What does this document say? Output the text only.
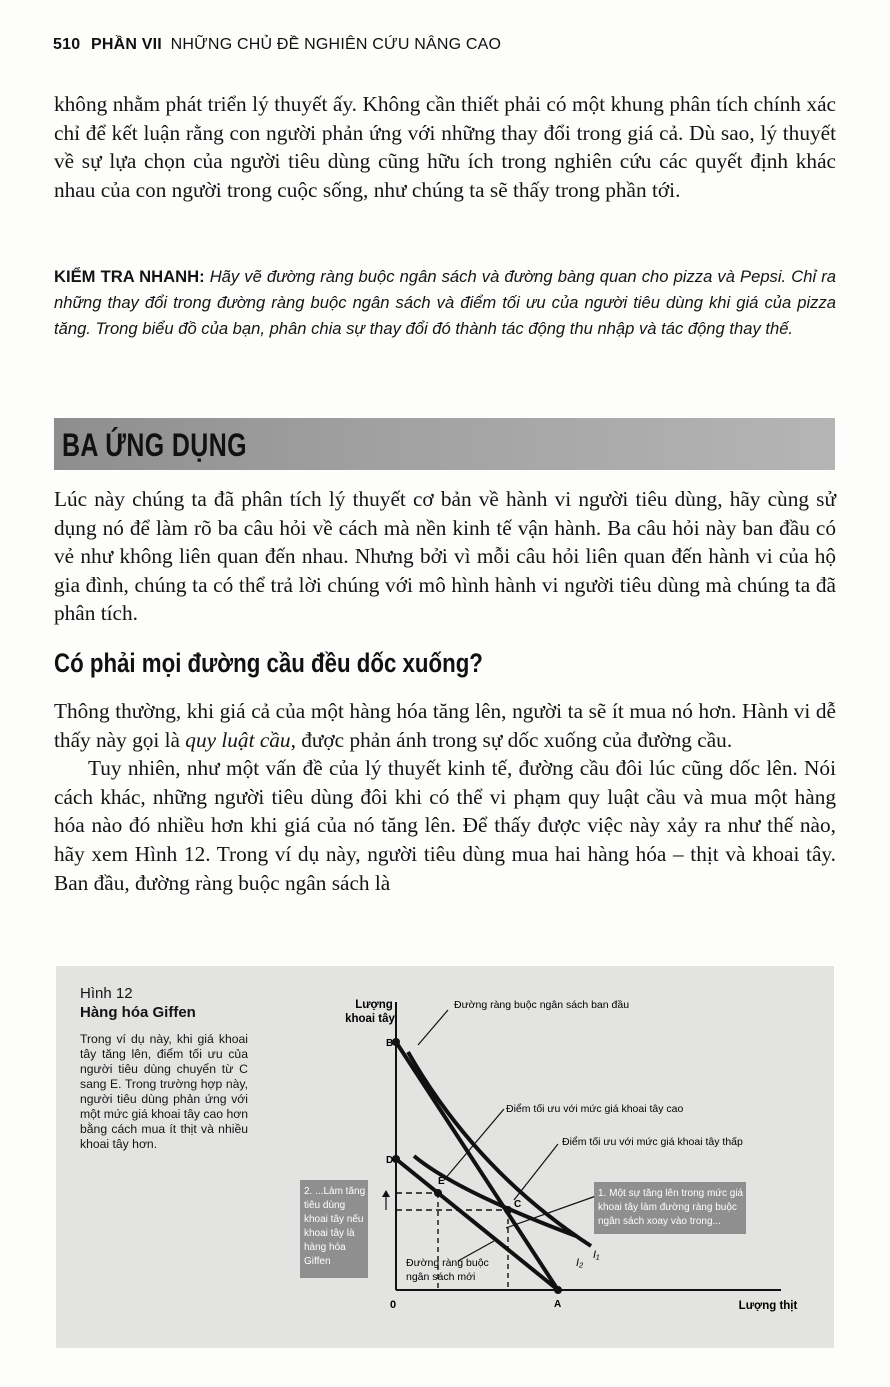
510 PHẦN VII NHỮNG CHỦ ĐỀ NGHIÊN CỨU NÂNG CAO

không nhằm phát triển lý thuyết ấy. Không cần thiết phải có một khung phân tích chính xác chỉ để kết luận rằng con người phản ứng với những thay đổi trong giá cả. Dù sao, lý thuyết về sự lựa chọn của người tiêu dùng cũng hữu ích trong nghiên cứu các quyết định khác nhau của con người trong cuộc sống, như chúng ta sẽ thấy trong phần tới.

KIỂM TRA NHANH: Hãy vẽ đường ràng buộc ngân sách và đường bàng quan cho pizza và Pepsi. Chỉ ra những thay đổi trong đường ràng buộc ngân sách và điểm tối ưu của người tiêu dùng khi giá của pizza tăng. Trong biểu đồ của bạn, phân chia sự thay đổi đó thành tác động thu nhập và tác động thay thế.

BA ỨNG DỤNG

Lúc này chúng ta đã phân tích lý thuyết cơ bản về hành vi người tiêu dùng, hãy cùng sử dụng nó để làm rõ ba câu hỏi về cách mà nền kinh tế vận hành. Ba câu hỏi này ban đầu có vẻ như không liên quan đến nhau. Nhưng bởi vì mỗi câu hỏi liên quan đến hành vi của hộ gia đình, chúng ta có thể trả lời chúng với mô hình hành vi người tiêu dùng mà chúng ta đã phân tích.

Có phải mọi đường cầu đều dốc xuống?

Thông thường, khi giá cả của một hàng hóa tăng lên, người ta sẽ ít mua nó hơn. Hành vi dễ thấy này gọi là quy luật cầu, được phản ánh trong sự dốc xuống của đường cầu.

Tuy nhiên, như một vấn đề của lý thuyết kinh tế, đường cầu đôi lúc cũng dốc lên. Nói cách khác, những người tiêu dùng đôi khi có thể vi phạm quy luật cầu và mua một hàng hóa nào đó nhiều hơn khi giá của nó tăng lên. Để thấy được việc này xảy ra như thế nào, hãy xem Hình 12. Trong ví dụ này, người tiêu dùng mua hai hàng hóa – thịt và khoai tây. Ban đầu, đường ràng buộc ngân sách là

Hình 12
Hàng hóa Giffen
Trong ví dụ này, khi giá khoai tây tăng lên, điểm tối ưu của người tiêu dùng chuyển từ C sang E. Trong trường hợp này, người tiêu dùng phản ứng với một mức giá khoai tây cao hơn bằng cách mua ít thịt và nhiều khoai tây hơn.
Lượng
khoai tây
Lượng thịt
0
B
D
E
C
A
I₁
I₂
Đường ràng buộc ngân sách ban đầu
Điểm tối ưu với mức giá khoai tây cao
Điểm tối ưu với mức giá khoai tây thấp
Đường ràng buộc
ngân sách mới
1. Một sự tăng lên trong mức giá
khoai tây làm đường ràng buộc
ngân sách xoay vào trong...
2. ...Làm tăng
tiêu dùng
khoai tây nếu
khoai tây là
hàng hóa
Giffen
